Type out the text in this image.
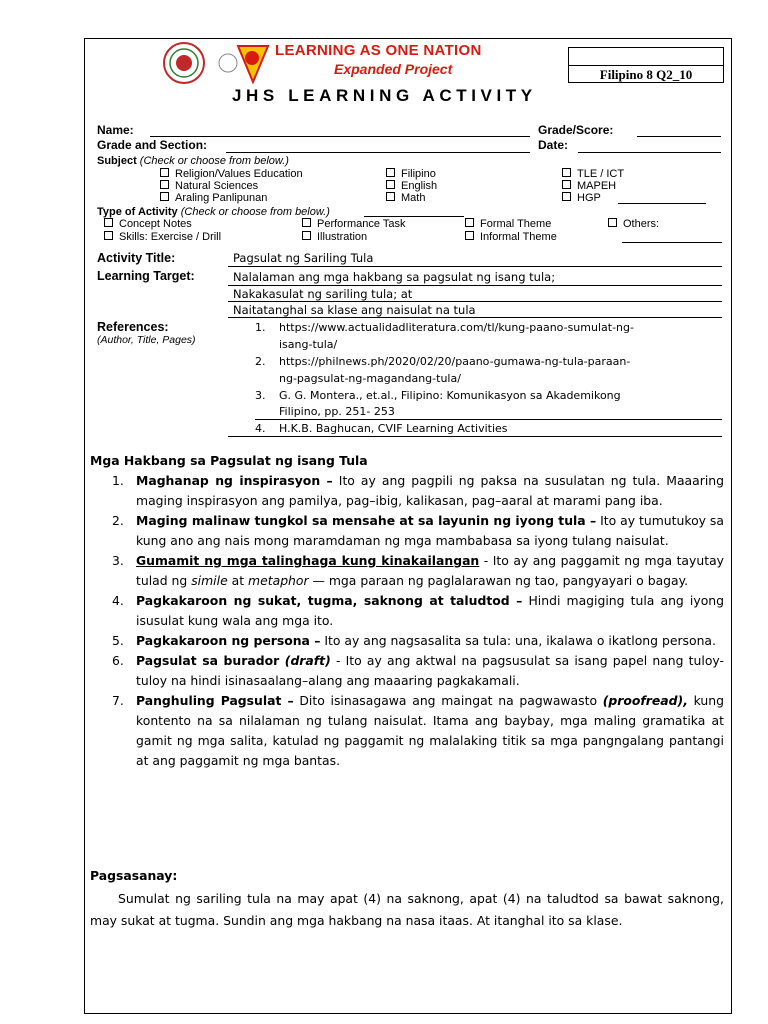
LEARNING AS ONE NATION
Expanded Project	Filipino 8 Q2_10
JHS LEARNING ACTIVITY
Name:
Grade and Section:
Grade/Score:
Date:
Subject (Check or choose from below.)
Religion/Values Education
Natural Sciences
Araling Panlipunan
Filipino
English
Math
TLE / ICT
MAPEH
HGP
Type of Activity (Check or choose from below.)
Concept Notes
Skills: Exercise / Drill
Performance Task
Illustration
Formal Theme
Informal Theme
Others:
Activity Title:	Pagsulat ng Sariling Tula
Learning Target:	Nalalaman ang mga hakbang sa pagsulat ng isang tula;
Nakakasulat ng sariling tula; at
Naitatanghal sa klase ang naisulat na tula
References:
(Author, Title, Pages)
1. https://www.actualidadliteratura.com/tl/kung-paano-sumulat-ng-
isang-tula/
2. https://philnews.ph/2020/02/20/paano-gumawa-ng-tula-paraan-
ng-pagsulat-ng-magandang-tula/
3. G. G. Montera., et.al., Filipino: Komunikasyon sa Akademikong
Filipino, pp. 251- 253
4. H.K.B. Baghucan, CVIF Learning Activities
Mga Hakbang sa Pagsulat ng isang Tula

1. Maghanap ng inspirasyon – Ito ay ang pagpili ng paksa na susulatan ng tula. Maaaring maging inspirasyon ang pamilya, pag–ibig, kalikasan, pag–aaral at marami pang iba.

2. Maging malinaw tungkol sa mensahe at sa layunin ng iyong tula – Ito ay tumutukoy sa kung ano ang nais mong maramdaman ng mga mambabasa sa iyong tulang naisulat.

3. Gumamit ng mga talinghaga kung kinakailangan - Ito ay ang paggamit ng mga tayutay tulad ng simile at metaphor — mga paraan ng paglalarawan ng tao, pangyayari o bagay.

4. Pagkakaroon ng sukat, tugma, saknong at taludtod – Hindi magiging tula ang iyong isusulat kung wala ang mga ito.

5. Pagkakaroon ng persona – Ito ay ang nagsasalita sa tula: una, ikalawa o ikatlong persona.

6. Pagsulat sa burador (draft) - Ito ay ang aktwal na pagsusulat sa isang papel nang tuloy-tuloy na hindi isinasaalang–alang ang maaaring pagkakamali.

7. Panghuling Pagsulat – Dito isinasagawa ang maingat na pagwawasto (proofread), kung kontento na sa nilalaman ng tulang naisulat. Itama ang baybay, mga maling gramatika at gamit ng mga salita, katulad ng paggamit ng malalaking titik sa mga pangngalang pantangi at ang paggamit ng mga bantas.

Pagsasanay:

Sumulat ng sariling tula na may apat (4) na saknong, apat (4) na taludtod sa bawat saknong, may sukat at tugma. Sundin ang mga hakbang na nasa itaas. At itanghal ito sa klase.
